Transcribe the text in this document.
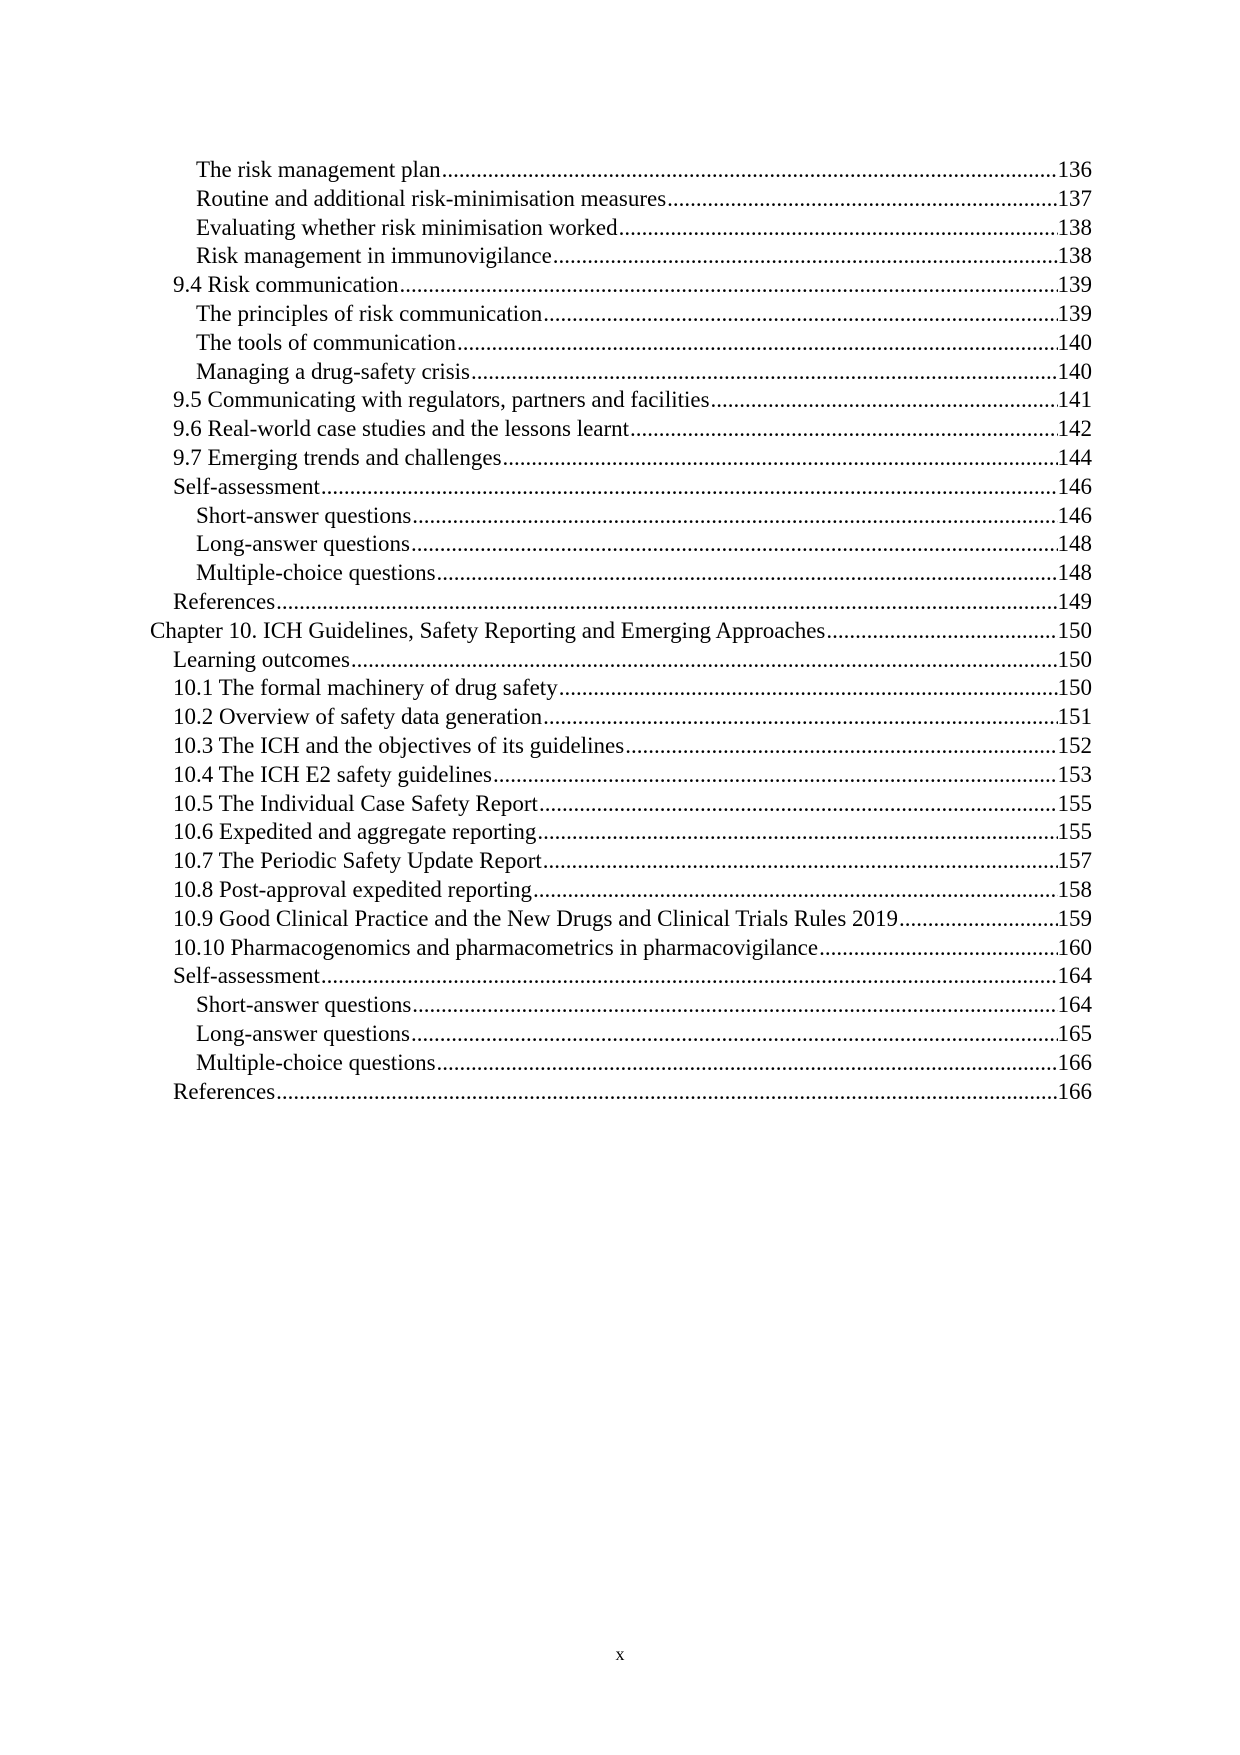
The risk management plan .....	136
Routine and additional risk-minimisation measures .....	137
Evaluating whether risk minimisation worked .....	138
Risk management in immunovigilance .....	138
9.4 Risk communication .....	139
The principles of risk communication .....	139
The tools of communication .....	140
Managing a drug-safety crisis .....	140
9.5 Communicating with regulators, partners and facilities .....	141
9.6 Real-world case studies and the lessons learnt .....	142
9.7 Emerging trends and challenges .....	144
Self-assessment .....	146
Short-answer questions .....	146
Long-answer questions .....	148
Multiple-choice questions .....	148
References .....	149
Chapter 10. ICH Guidelines, Safety Reporting and Emerging Approaches .....	150
Learning outcomes .....	150
10.1 The formal machinery of drug safety .....	150
10.2 Overview of safety data generation .....	151
10.3 The ICH and the objectives of its guidelines .....	152
10.4 The ICH E2 safety guidelines .....	153
10.5 The Individual Case Safety Report .....	155
10.6 Expedited and aggregate reporting .....	155
10.7 The Periodic Safety Update Report .....	157
10.8 Post-approval expedited reporting .....	158
10.9 Good Clinical Practice and the New Drugs and Clinical Trials Rules 2019 .....	159
10.10 Pharmacogenomics and pharmacometrics in pharmacovigilance .....	160
Self-assessment .....	164
Short-answer questions .....	164
Long-answer questions .....	165
Multiple-choice questions .....	166
References .....	166
x
